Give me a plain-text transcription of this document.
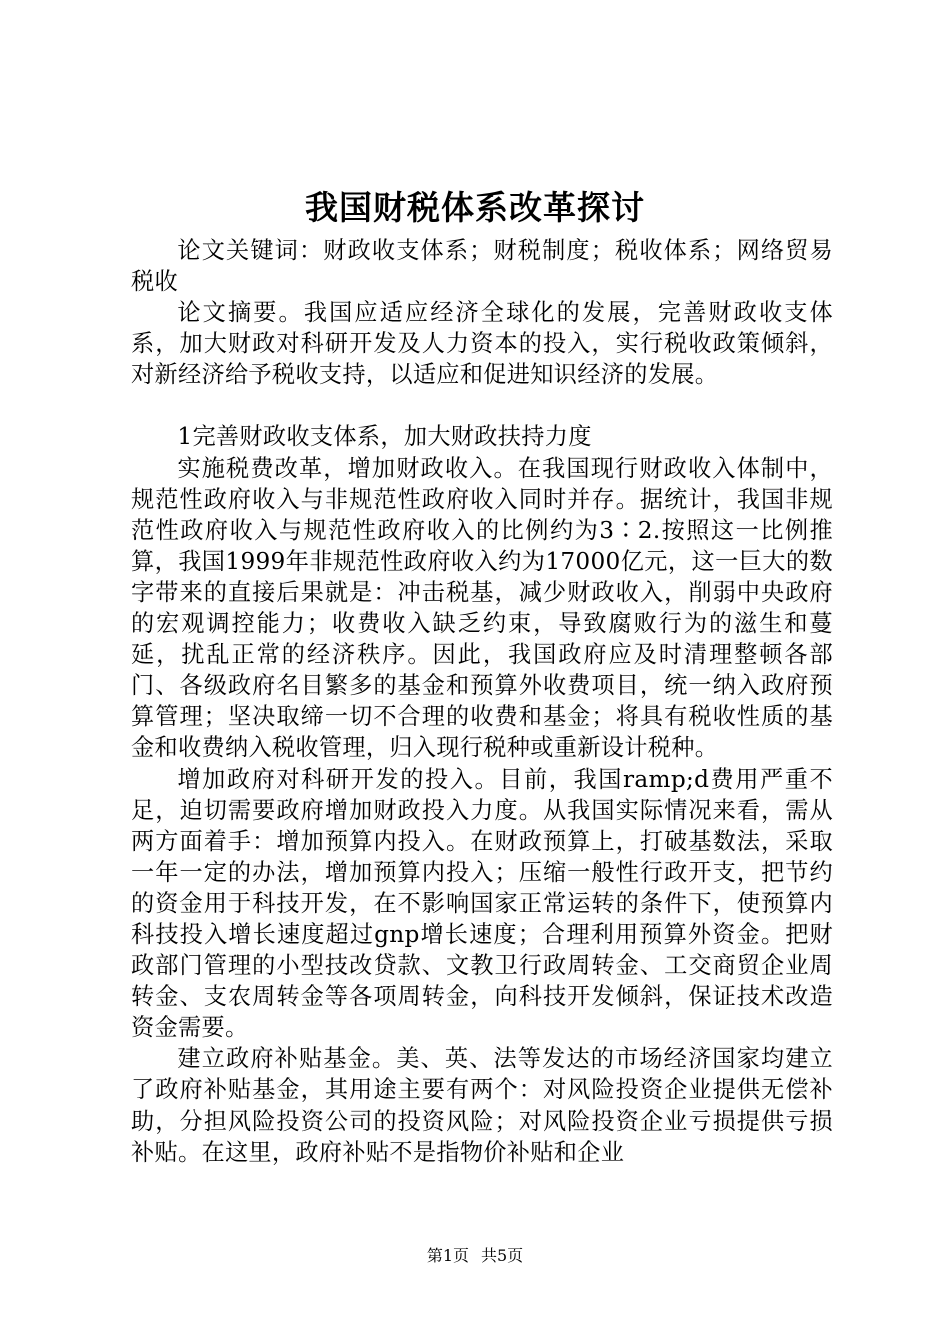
我国财税体系改革探讨

论文关键词：财政收支体系；财税制度；税收体系；网络贸易税收

论文摘要。我国应适应经济全球化的发展，完善财政收支体系，加大财政对科研开发及人力资本的投入，实行税收政策倾斜，对新经济给予税收支持，以适应和促进知识经济的发展。

1完善财政收支体系，加大财政扶持力度

实施税费改革，增加财政收入。在我国现行财政收入体制中，规范性政府收入与非规范性政府收入同时并存。据统计，我国非规范性政府收入与规范性政府收入的比例约为3∶2.按照这一比例推算，我国1999年非规范性政府收入约为17000亿元，这一巨大的数字带来的直接后果就是：冲击税基，减少财政收入，削弱中央政府的宏观调控能力；收费收入缺乏约束，导致腐败行为的滋生和蔓延，扰乱正常的经济秩序。因此，我国政府应及时清理整顿各部门、各级政府名目繁多的基金和预算外收费项目，统一纳入政府预算管理；坚决取缔一切不合理的收费和基金；将具有税收性质的基金和收费纳入税收管理，归入现行税种或重新设计税种。

增加政府对科研开发的投入。目前，我国ramp;d费用严重不足，迫切需要政府增加财政投入力度。从我国实际情况来看，需从两方面着手：增加预算内投入。在财政预算上，打破基数法，采取一年一定的办法，增加预算内投入；压缩一般性行政开支，把节约的资金用于科技开发，在不影响国家正常运转的条件下，使预算内科技投入增长速度超过gnp增长速度；合理利用预算外资金。把财政部门管理的小型技改贷款、文教卫行政周转金、工交商贸企业周转金、支农周转金等各项周转金，向科技开发倾斜，保证技术改造资金需要。

建立政府补贴基金。美、英、法等发达的市场经济国家均建立了政府补贴基金，其用途主要有两个：对风险投资企业提供无偿补助，分担风险投资公司的投资风险；对风险投资企业亏损提供亏损补贴。在这里，政府补贴不是指物价补贴和企业

第1页 共5页
